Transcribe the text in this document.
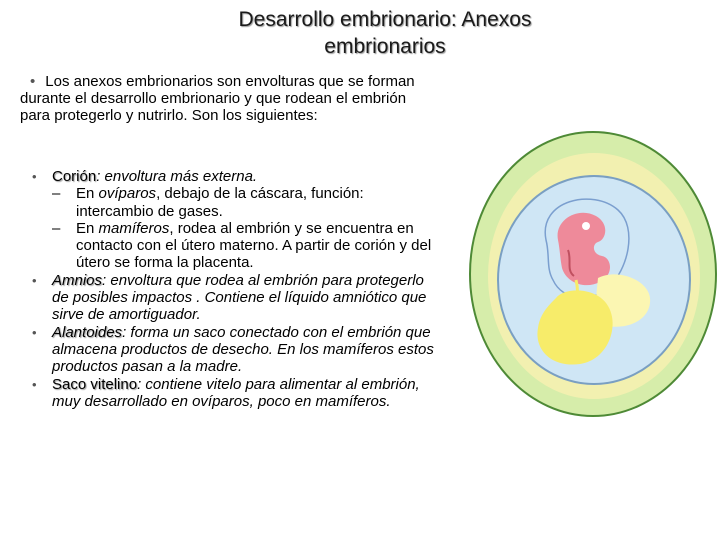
Desarrollo embrionario: Anexos
embrionarios

• Los anexos embrionarios son envolturas que se forman durante el desarrollo embrionario y que rodean el embrión para protegerlo y nutrirlo. Son los siguientes:

• Corión: envoltura más externa.
– En ovíparos, debajo de la cáscara, función: intercambio de gases.
– En mamíferos, rodea al embrión y se encuentra en contacto con el útero materno. A partir de corión y del útero se forma la placenta.
• Amnios: envoltura que rodea al embrión para protegerlo de posibles impactos . Contiene el líquido amniótico que sirve de amortiguador.
• Alantoides: forma un saco conectado con el embrión que almacena productos de desecho. En los mamíferos estos productos pasan a la madre.
• Saco vitelino: contiene vitelo para alimentar al embrión, muy desarrollado en ovíparos, poco en mamíferos.
